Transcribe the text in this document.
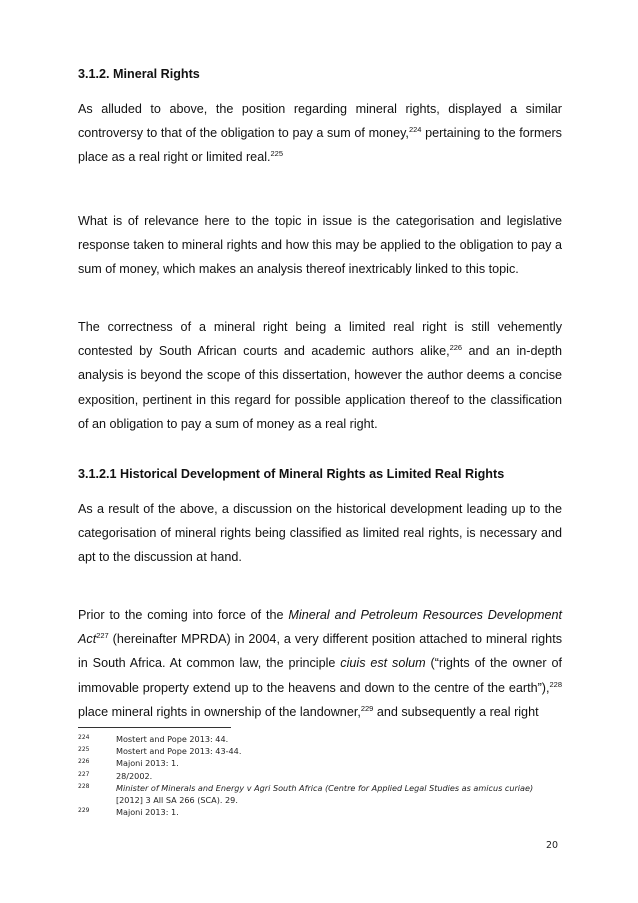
3.1.2. Mineral Rights

As alluded to above, the position regarding mineral rights, displayed a similar controversy to that of the obligation to pay a sum of money,$^{224}$ pertaining to the formers place as a real right or limited real.$^{225}$

What is of relevance here to the topic in issue is the categorisation and legislative response taken to mineral rights and how this may be applied to the obligation to pay a sum of money, which makes an analysis thereof inextricably linked to this topic.

The correctness of a mineral right being a limited real right is still vehemently contested by South African courts and academic authors alike,$^{226}$ and an in-depth analysis is beyond the scope of this dissertation, however the author deems a concise exposition, pertinent in this regard for possible application thereof to the classification of an obligation to pay a sum of money as a real right.

3.1.2.1 Historical Development of Mineral Rights as Limited Real Rights

As a result of the above, a discussion on the historical development leading up to the categorisation of mineral rights being classified as limited real rights, is necessary and apt to the discussion at hand.

Prior to the coming into force of the Mineral and Petroleum Resources Development Act$^{227}$ (hereinafter MPRDA) in 2004, a very different position attached to mineral rights in South Africa. At common law, the principle ciuis est solum (“rights of the owner of immovable property extend up to the heavens and down to the centre of the earth”),$^{228}$ place mineral rights in ownership of the landowner,$^{229}$ and subsequently a real right

224	Mostert and Pope 2013: 44.
225	Mostert and Pope 2013: 43-44.
226	Majoni 2013: 1.
227	28/2002.
228	Minister of Minerals and Energy v Agri South Africa (Centre for Applied Legal Studies as amicus curiae) [2012] 3 All SA 266 (SCA). 29.
229	Majoni 2013: 1.
20
